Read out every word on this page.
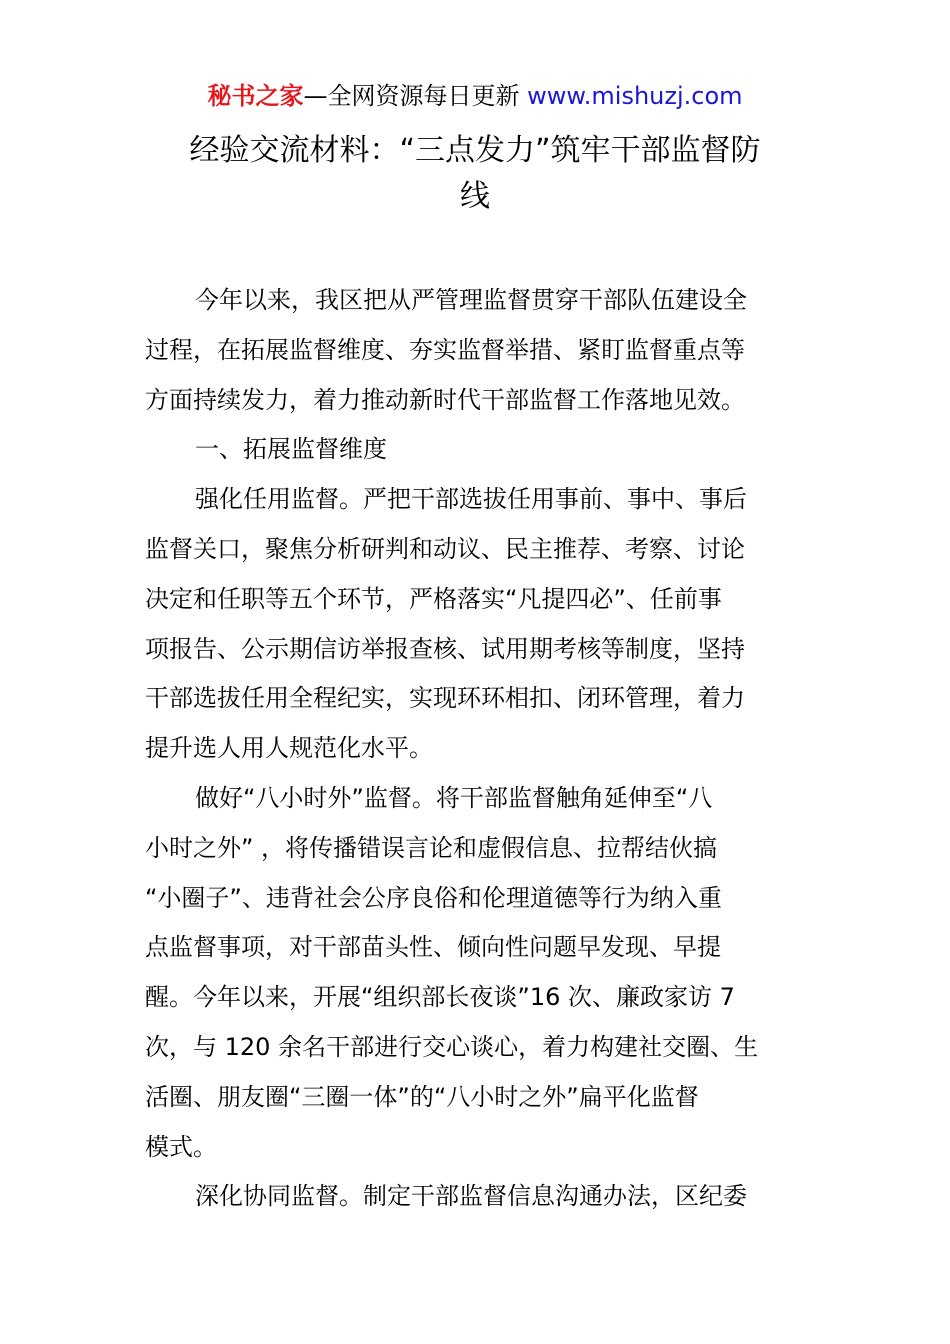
秘书之家—全网资源每日更新 www.mishuzj.com
经验交流材料：“三点发力”筑牢干部监督防
线

今年以来，我区把从严管理监督贯穿干部队伍建设全
过程，在拓展监督维度、夯实监督举措、紧盯监督重点等
方面持续发力，着力推动新时代干部监督工作落地见效。

一、拓展监督维度

强化任用监督。严把干部选拔任用事前、事中、事后
监督关口，聚焦分析研判和动议、民主推荐、考察、讨论
决定和任职等五个环节，严格落实“凡提四必”、任前事
项报告、公示期信访举报查核、试用期考核等制度，坚持
干部选拔任用全程纪实，实现环环相扣、闭环管理，着力
提升选人用人规范化水平。

做好“八小时外”监督。将干部监督触角延伸至“八
小时之外” ，将传播错误言论和虚假信息、拉帮结伙搞
“小圈子”、违背社会公序良俗和伦理道德等行为纳入重
点监督事项，对干部苗头性、倾向性问题早发现、早提
醒。今年以来，开展“组织部长夜谈”16 次、廉政家访 7
次，与 120 余名干部进行交心谈心，着力构建社交圈、生
活圈、朋友圈“三圈一体”的“八小时之外”扁平化监督
模式。

深化协同监督。制定干部监督信息沟通办法，区纪委
